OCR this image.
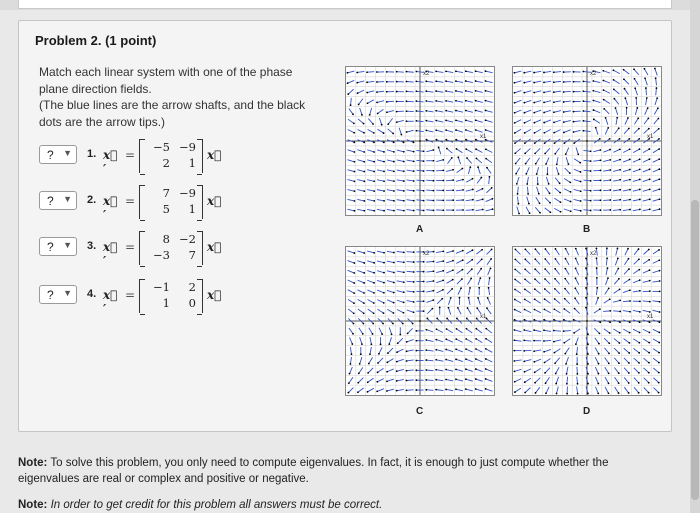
Problem 2. (1 point)

Match each linear system with one of the phase plane direction fields.

(The blue lines are the arrow shafts, and the black dots are the arrow tips.)

? ▼ 1. x⃗ ′
=
−5 −9
2	1
x⃗
? ▼ 2. x⃗ ′
=
7 −9
5	1
x⃗
? ▼ 3. x⃗ ′
=
8 −2
−3	7
x⃗
? ▼ 4. x⃗ ′
=
−1	2
1	0
x⃗
x1
x2
A
x1
x2
B
x1
x2
C
x1
x2
D
Note: To solve this problem, you only need to compute eigenvalues. In fact, it is enough to just compute whether the eigenvalues are real or complex and positive or negative.
Note: In order to get credit for this problem all answers must be correct.
